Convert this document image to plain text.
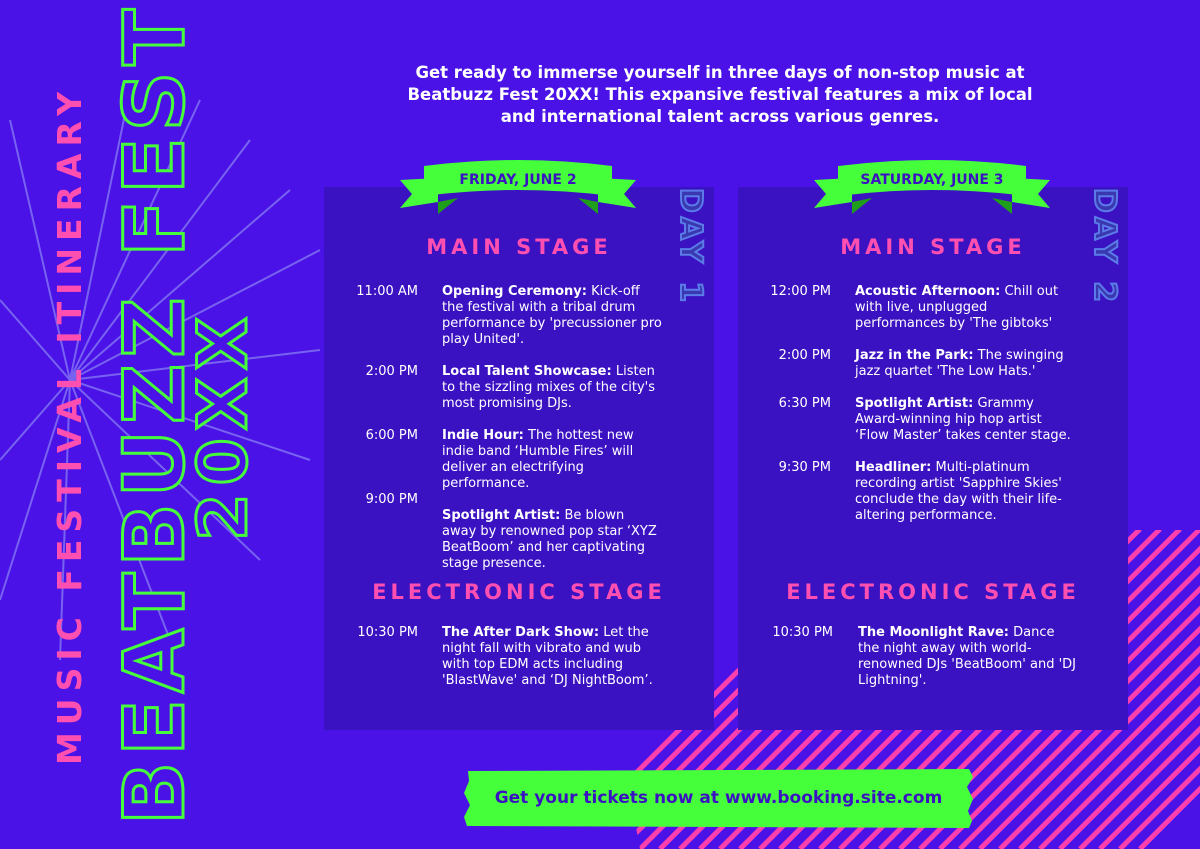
MUSIC FESTIVAL ITINERARY BEATBUZZ FEST
20XX

Get ready to immerse yourself in three days of non-stop music at Beatbuzz Fest 20XX! This expansive festival features a mix of local and international talent across various genres.

DAY 1
MAIN STAGE
11:00 AM Opening Ceremony: Kick-off the festival with a tribal drum performance by 'precussioner pro play United'.

2:00 PM Local Talent Showcase: Listen to the sizzling mixes of the city's most promising DJs.

6:00 PM Indie Hour: The hottest new indie band ‘Humble Fires’ will deliver an electrifying performance.

9:00 PM

Spotlight Artist: Be blown away by renowned pop star ‘XYZ BeatBoom’ and her captivating stage presence.

ELECTRONIC STAGE
10:30 PM The After Dark Show: Let the night fall with vibrato and wub with top EDM acts including 'BlastWave' and ‘DJ NightBoom’.

DAY 2
MAIN STAGE
12:00 PM Acoustic Afternoon: Chill out with live, unplugged performances by 'The gibtoks'

2:00 PM Jazz in the Park: The swinging jazz quartet 'The Low Hats.'

6:30 PM Spotlight Artist: Grammy Award-winning hip hop artist ‘Flow Master’ takes center stage.

9:30 PM Headliner: Multi-platinum recording artist 'Sapphire Skies' conclude the day with their life-altering performance.

ELECTRONIC STAGE
10:30 PM The Moonlight Rave: Dance the night away with world-renowned DJs 'BeatBoom' and 'DJ Lightning'.

FRIDAY, JUNE 2	SATURDAY, JUNE 3
Get your tickets now at www.booking.site.com
